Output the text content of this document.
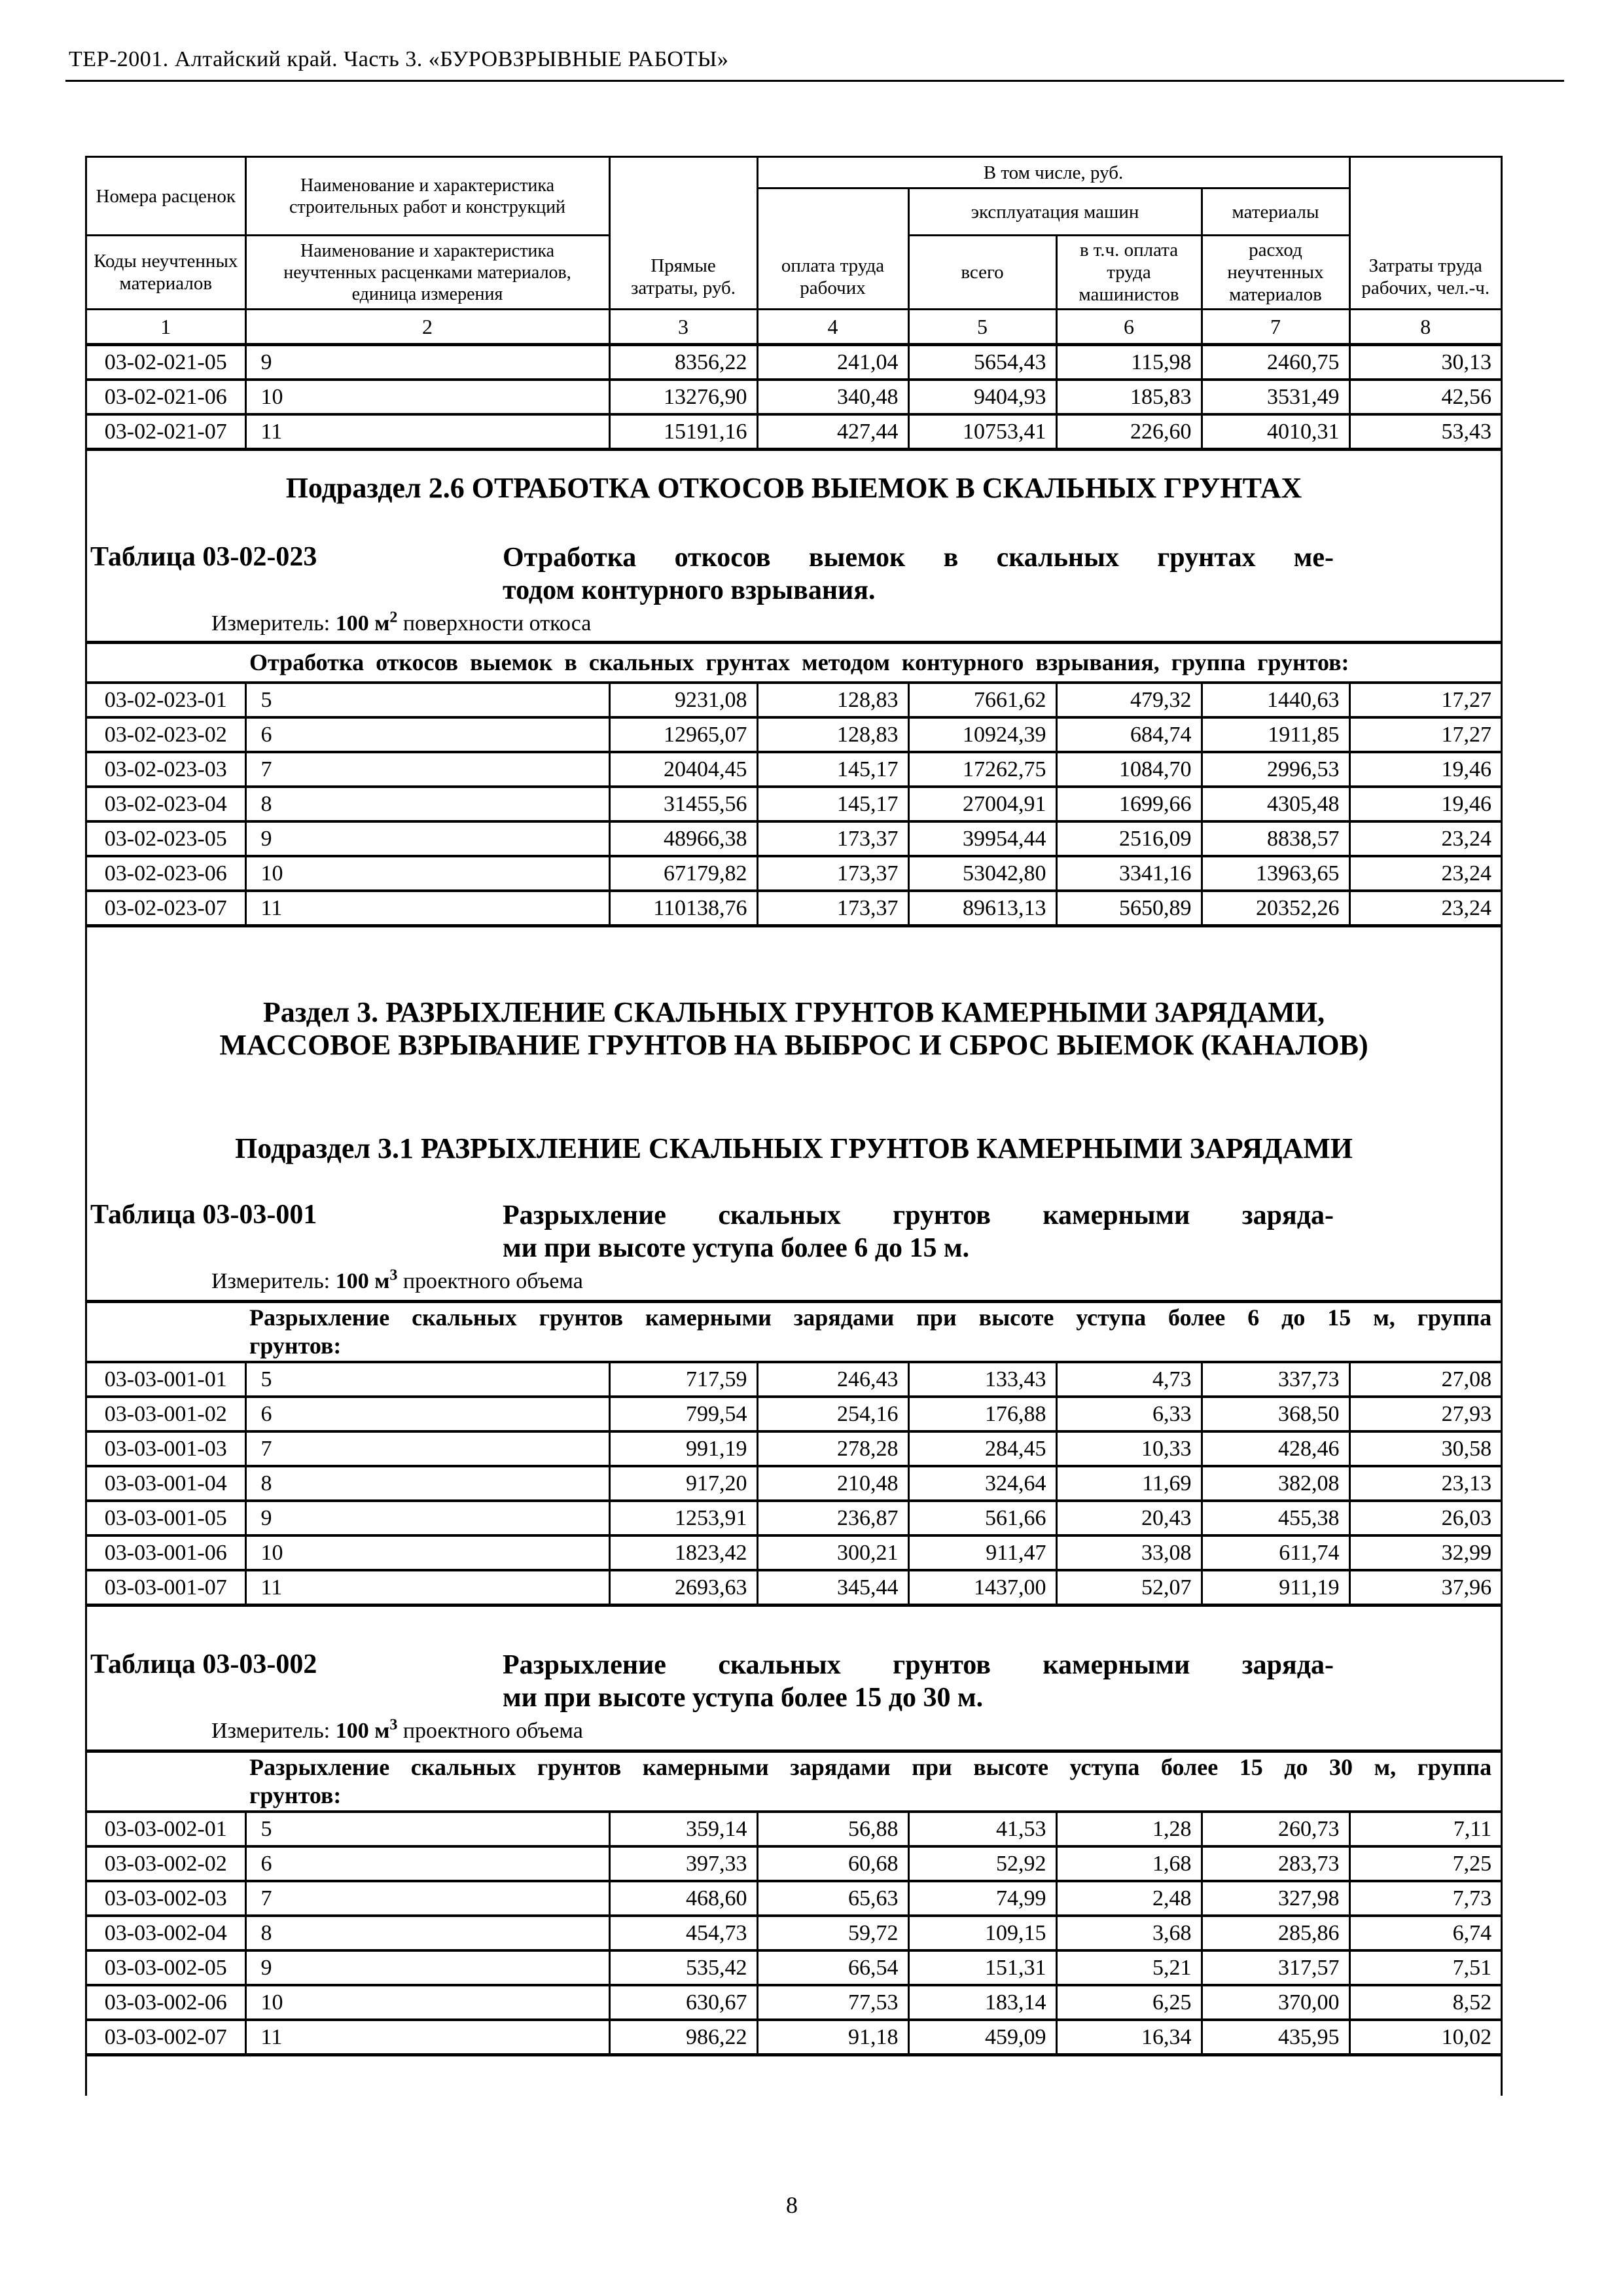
ТЕР-2001. Алтайский край. Часть 3. «БУРОВЗРЫВНЫЕ РАБОТЫ»
Номера расценок	Наименование и характеристика строительных работ и конструкций	Прямые затраты, руб.	В том числе, руб.				Затраты труда рабочих, чел.-ч.
			оплата труда рабочих	эксплуатация машин		материалы	
Коды неучтенных материалов	Наименование и характеристика неучтенных расценками материалов, единица измерения			всего	в т.ч. оплата труда машинистов	расход неучтенных материалов	
1	2	3	4	5	6	7	8
03-02-021-05	9	8356,22	241,04	5654,43	115,98	2460,75	30,13
03-02-021-06	10	13276,90	340,48	9404,93	185,83	3531,49	42,56
03-02-021-07	11	15191,16	427,44	10753,41	226,60	4010,31	53,43
Подраздел 2.6 ОТРАБОТКА ОТКОСОВ ВЫЕМОК В СКАЛЬНЫХ ГРУНТАХ
Таблица 03-02-023	Отработка откосов выемок в скальных грунтах ме-
тодом контурного взрывания.
Измеритель: 100 $м^2$ поверхности откоса
Отработка откосов выемок в скальных грунтах методом контурного взрывания, группа грунтов:							
03-02-023-01	5	9231,08	128,83	7661,62	479,32	1440,63	17,27
03-02-023-02	6	12965,07	128,83	10924,39	684,74	1911,85	17,27
03-02-023-03	7	20404,45	145,17	17262,75	1084,70	2996,53	19,46
03-02-023-04	8	31455,56	145,17	27004,91	1699,66	4305,48	19,46
03-02-023-05	9	48966,38	173,37	39954,44	2516,09	8838,57	23,24
03-02-023-06	10	67179,82	173,37	53042,80	3341,16	13963,65	23,24
03-02-023-07	11	110138,76	173,37	89613,13	5650,89	20352,26	23,24
Раздел 3. РАЗРЫХЛЕНИЕ СКАЛЬНЫХ ГРУНТОВ КАМЕРНЫМИ ЗАРЯДАМИ,
МАССОВОЕ ВЗРЫВАНИЕ ГРУНТОВ НА ВЫБРОС И СБРОС ВЫЕМОК (КАНАЛОВ)
Подраздел 3.1 РАЗРЫХЛЕНИЕ СКАЛЬНЫХ ГРУНТОВ КАМЕРНЫМИ ЗАРЯДАМИ
Таблица 03-03-001	Разрыхление скальных грунтов камерными заряда-
ми при высоте уступа более 6 до 15 м.
Измеритель: 100 $м^3$ проектного объема
Разрыхление скальных грунтов камерными зарядами при высоте уступа более 6 до 15 м, группа
грунтов:							

03-03-001-01	5	717,59	246,43	133,43	4,73	337,73	27,08
03-03-001-02	6	799,54	254,16	176,88	6,33	368,50	27,93
03-03-001-03	7	991,19	278,28	284,45	10,33	428,46	30,58
03-03-001-04	8	917,20	210,48	324,64	11,69	382,08	23,13
03-03-001-05	9	1253,91	236,87	561,66	20,43	455,38	26,03
03-03-001-06	10	1823,42	300,21	911,47	33,08	611,74	32,99
03-03-001-07	11	2693,63	345,44	1437,00	52,07	911,19	37,96
Таблица 03-03-002	Разрыхление скальных грунтов камерными заряда-
ми при высоте уступа более 15 до 30 м.
Измеритель: 100 $м^3$ проектного объема
Разрыхление скальных грунтов камерными зарядами при высоте уступа более 15 до 30 м, группа
грунтов:							

03-03-002-01	5	359,14	56,88	41,53	1,28	260,73	7,11
03-03-002-02	6	397,33	60,68	52,92	1,68	283,73	7,25
03-03-002-03	7	468,60	65,63	74,99	2,48	327,98	7,73
03-03-002-04	8	454,73	59,72	109,15	3,68	285,86	6,74
03-03-002-05	9	535,42	66,54	151,31	5,21	317,57	7,51
03-03-002-06	10	630,67	77,53	183,14	6,25	370,00	8,52
03-03-002-07	11	986,22	91,18	459,09	16,34	435,95	10,02
8
